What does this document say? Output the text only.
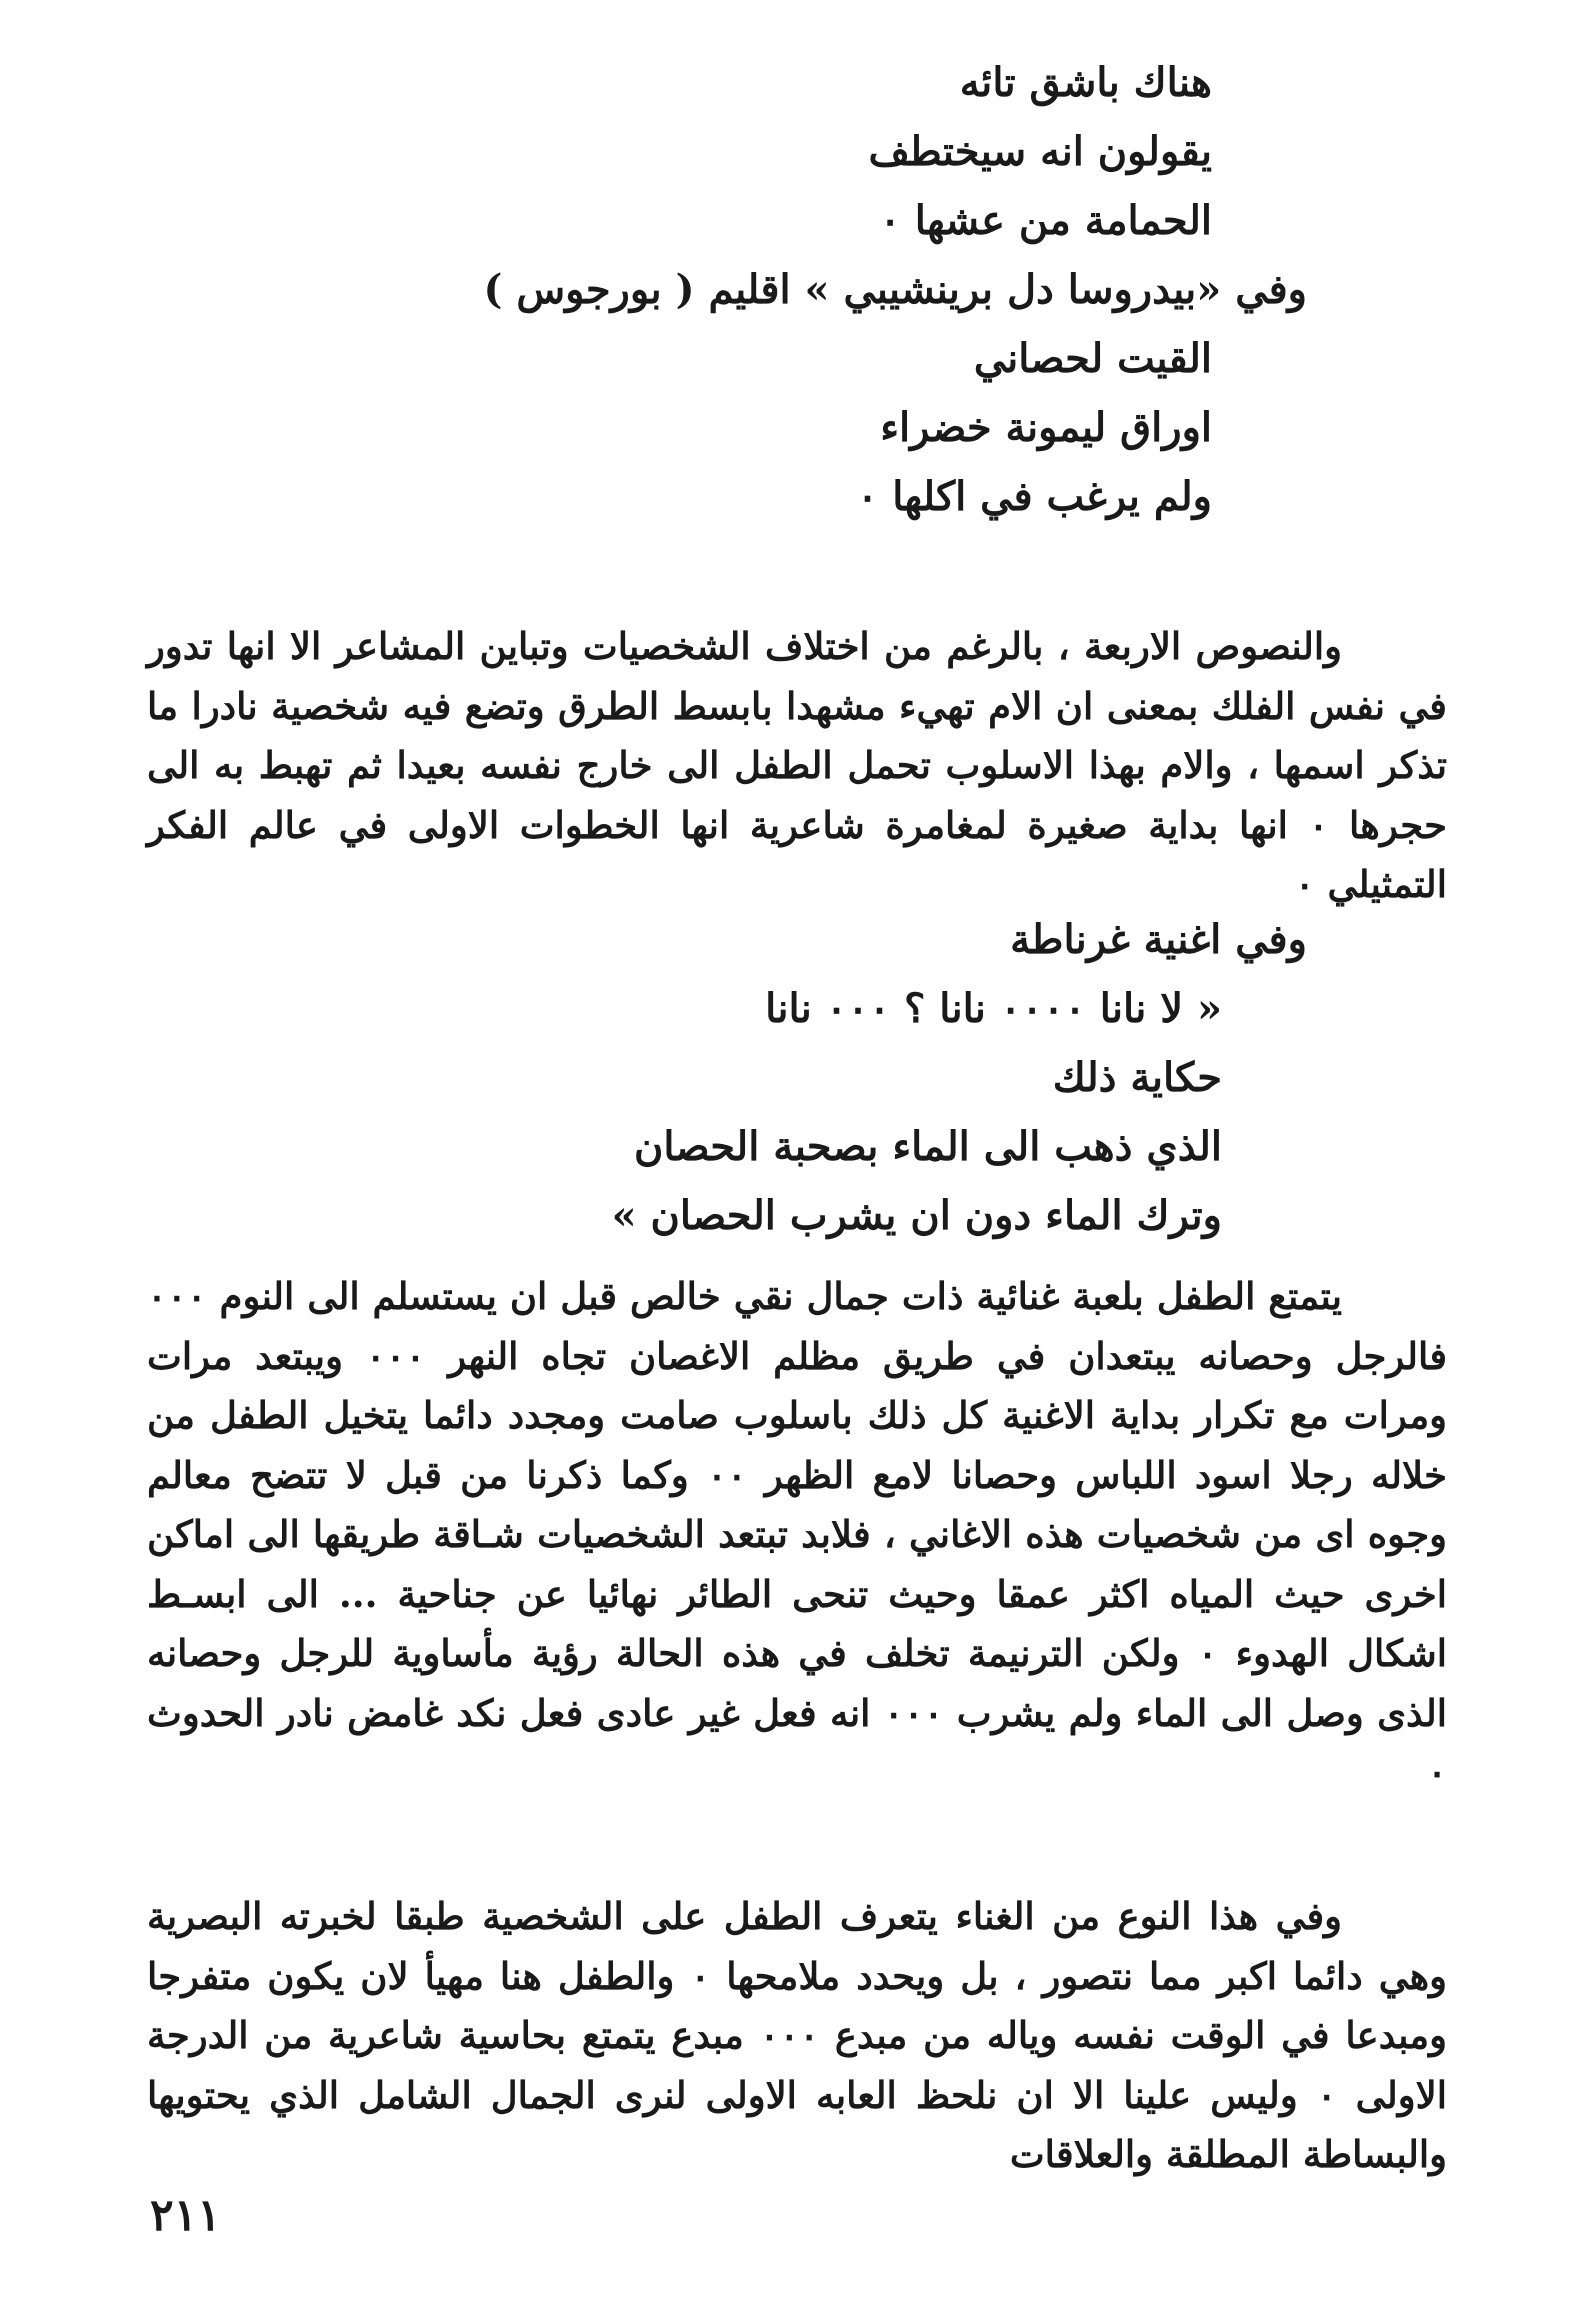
هناك باشق تائه
يقولون انه سيختطف
الحمامة من عشها ٠
وفي «بيدروسا دل برينشيبي » اقليم ( بورجوس )
القيت لحصاني
اوراق ليمونة خضراء
ولم يرغب في اكلها ٠

والنصوص الاربعة ، بالرغم من اختلاف الشخصيات وتباين المشاعر الا انها تدور في نفس الفلك بمعنى ان الام تهيء مشهدا بابسط الطرق وتضع فيه شخصية نادرا ما تذكر اسمها ، والام بهذا الاسلوب تحمل الطفل الى خارج نفسه بعيدا ثم تهبط به الى حجرها ٠ انها بداية صغيرة لمغامرة شاعرية انها الخطوات الاولى في عالم الفكر التمثيلي ٠

وفي اغنية غرناطة
« لا نانا ٠٠٠٠ نانا ؟ ٠٠٠ نانا
حكاية ذلك
الذي ذهب الى الماء بصحبة الحصان
وترك الماء دون ان يشرب الحصان »

يتمتع الطفل بلعبة غنائية ذات جمال نقي خالص قبل ان يستسلم الى النوم ٠٠٠ فالرجل وحصانه يبتعدان في طريق مظلم الاغصان تجاه النهر ٠٠٠ ويبتعد مرات ومرات مع تكرار بداية الاغنية كل ذلك باسلوب صامت ومجدد دائما يتخيل الطفل من خلاله رجلا اسود اللباس وحصانا لامع الظهر ٠٠ وكما ذكرنا من قبل لا تتضح معالم وجوه اى من شخصيات هذه الاغاني ، فلابد تبتعد الشخصيات شـاقة طريقها الى اماكن اخرى حيث المياه اكثر عمقا وحيث تنحى الطائر نهائيا عن جناحية ... الى ابسـط اشكال الهدوء ٠ ولكن الترنيمة تخلف في هذه الحالة رؤية مأساوية للرجل وحصانه الذى وصل الى الماء ولم يشرب ٠٠٠ انه فعل غير عادى فعل نكد غامض نادر الحدوث ٠

وفي هذا النوع من الغناء يتعرف الطفل على الشخصية طبقا لخبرته البصرية وهي دائما اكبر مما نتصور ، بل ويحدد ملامحها ٠ والطفل هنا مهيأ لان يكون متفرجا ومبدعا في الوقت نفسه وياله من مبدع ٠٠٠ مبدع يتمتع بحاسية شاعرية من الدرجة الاولى ٠ وليس علينا الا ان نلحظ العابه الاولى لنرى الجمال الشامل الذي يحتويها والبساطة المطلقة والعلاقات

٢١١
